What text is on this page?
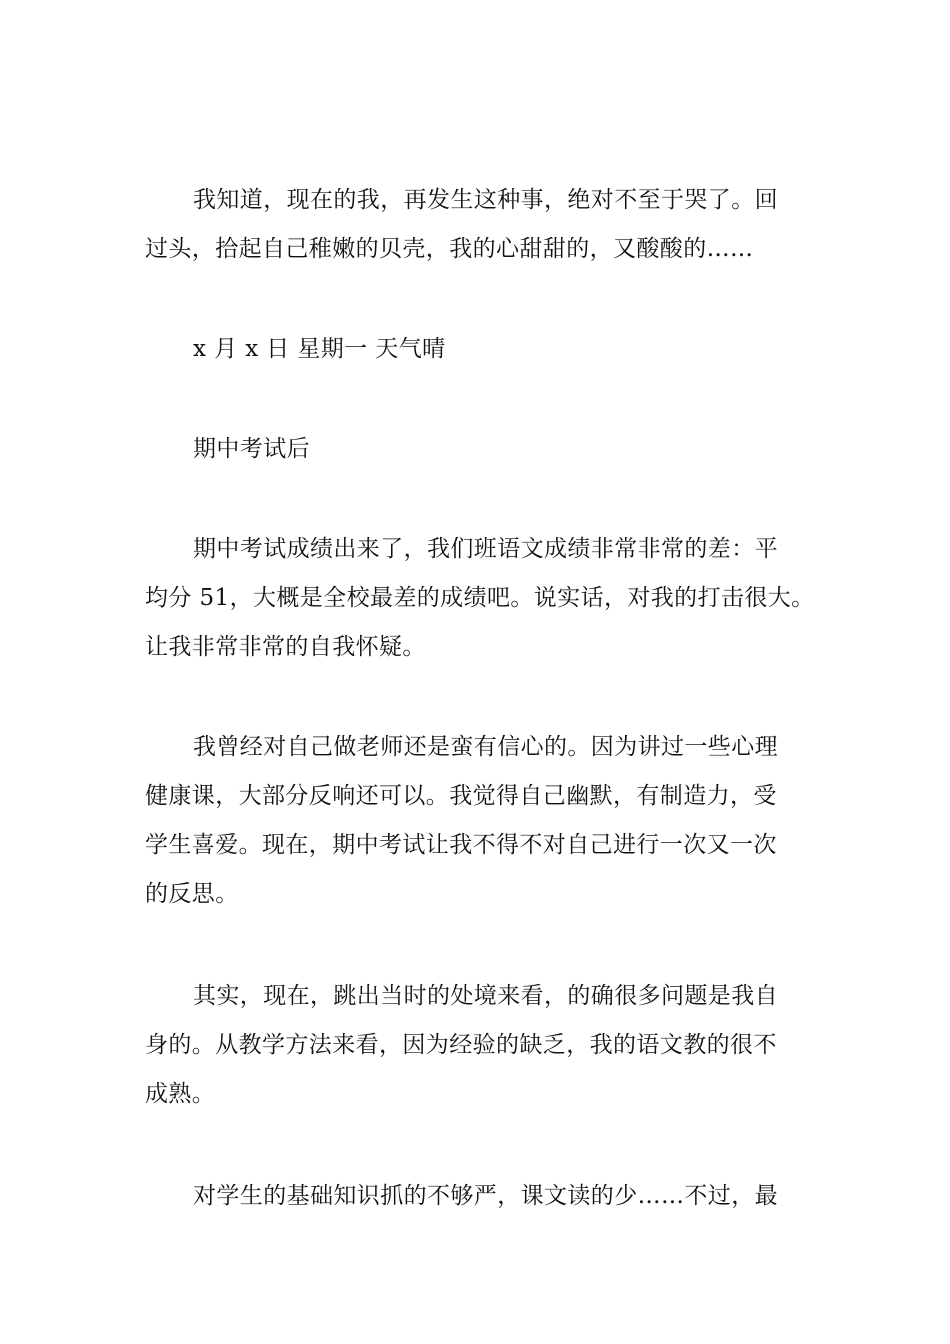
我知道，现在的我，再发生这种事，绝对不至于哭了。回
过头，拾起自己稚嫩的贝壳，我的心甜甜的，又酸酸的……
x 月 x 日 星期一 天气晴
期中考试后
期中考试成绩出来了，我们班语文成绩非常非常的差：平
均分 51，大概是全校最差的成绩吧。说实话，对我的打击很大。
让我非常非常的自我怀疑。
我曾经对自己做老师还是蛮有信心的。因为讲过一些心理
健康课，大部分反响还可以。我觉得自己幽默，有制造力，受
学生喜爱。现在，期中考试让我不得不对自己进行一次又一次
的反思。
其实，现在，跳出当时的处境来看，的确很多问题是我自
身的。从教学方法来看，因为经验的缺乏，我的语文教的很不
成熟。
对学生的基础知识抓的不够严，课文读的少……不过，最
